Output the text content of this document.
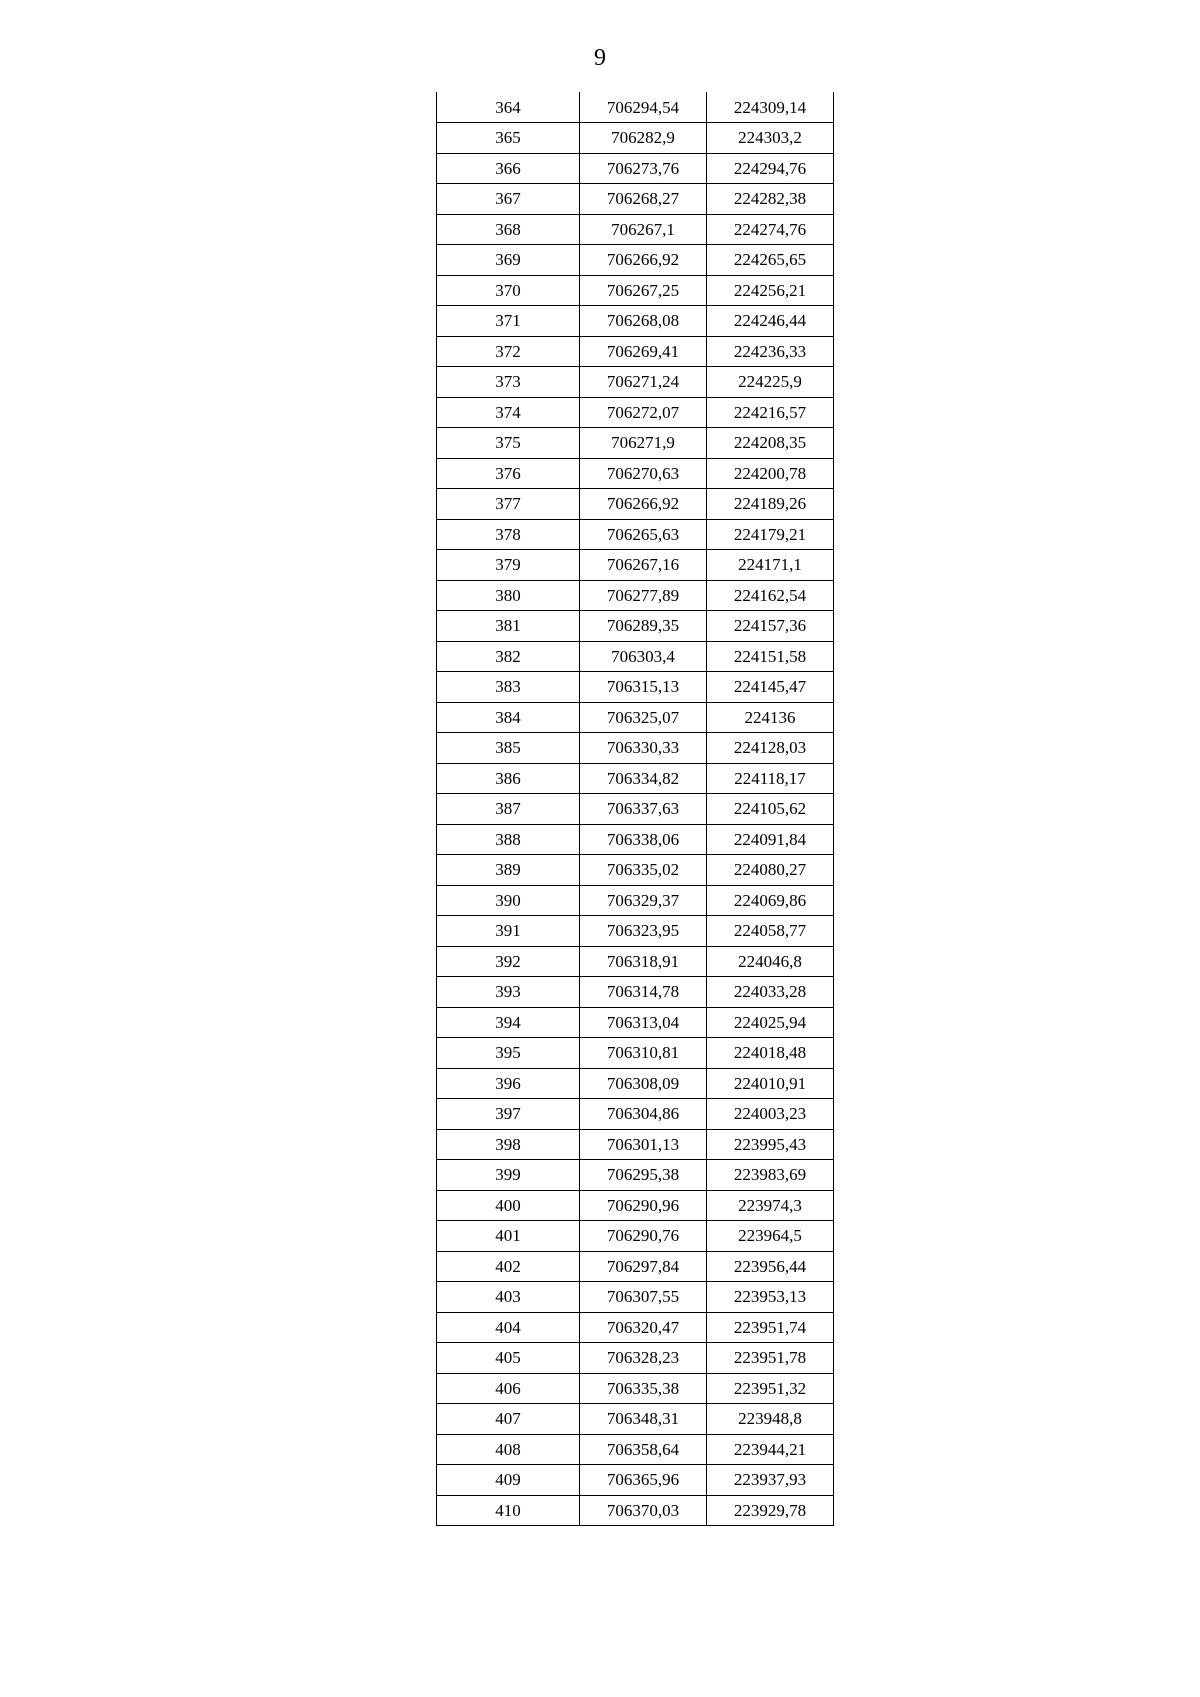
9
364	706294,54	224309,14
365	706282,9	224303,2
366	706273,76	224294,76
367	706268,27	224282,38
368	706267,1	224274,76
369	706266,92	224265,65
370	706267,25	224256,21
371	706268,08	224246,44
372	706269,41	224236,33
373	706271,24	224225,9
374	706272,07	224216,57
375	706271,9	224208,35
376	706270,63	224200,78
377	706266,92	224189,26
378	706265,63	224179,21
379	706267,16	224171,1
380	706277,89	224162,54
381	706289,35	224157,36
382	706303,4	224151,58
383	706315,13	224145,47
384	706325,07	224136
385	706330,33	224128,03
386	706334,82	224118,17
387	706337,63	224105,62
388	706338,06	224091,84
389	706335,02	224080,27
390	706329,37	224069,86
391	706323,95	224058,77
392	706318,91	224046,8
393	706314,78	224033,28
394	706313,04	224025,94
395	706310,81	224018,48
396	706308,09	224010,91
397	706304,86	224003,23
398	706301,13	223995,43
399	706295,38	223983,69
400	706290,96	223974,3
401	706290,76	223964,5
402	706297,84	223956,44
403	706307,55	223953,13
404	706320,47	223951,74
405	706328,23	223951,78
406	706335,38	223951,32
407	706348,31	223948,8
408	706358,64	223944,21
409	706365,96	223937,93
410	706370,03	223929,78
